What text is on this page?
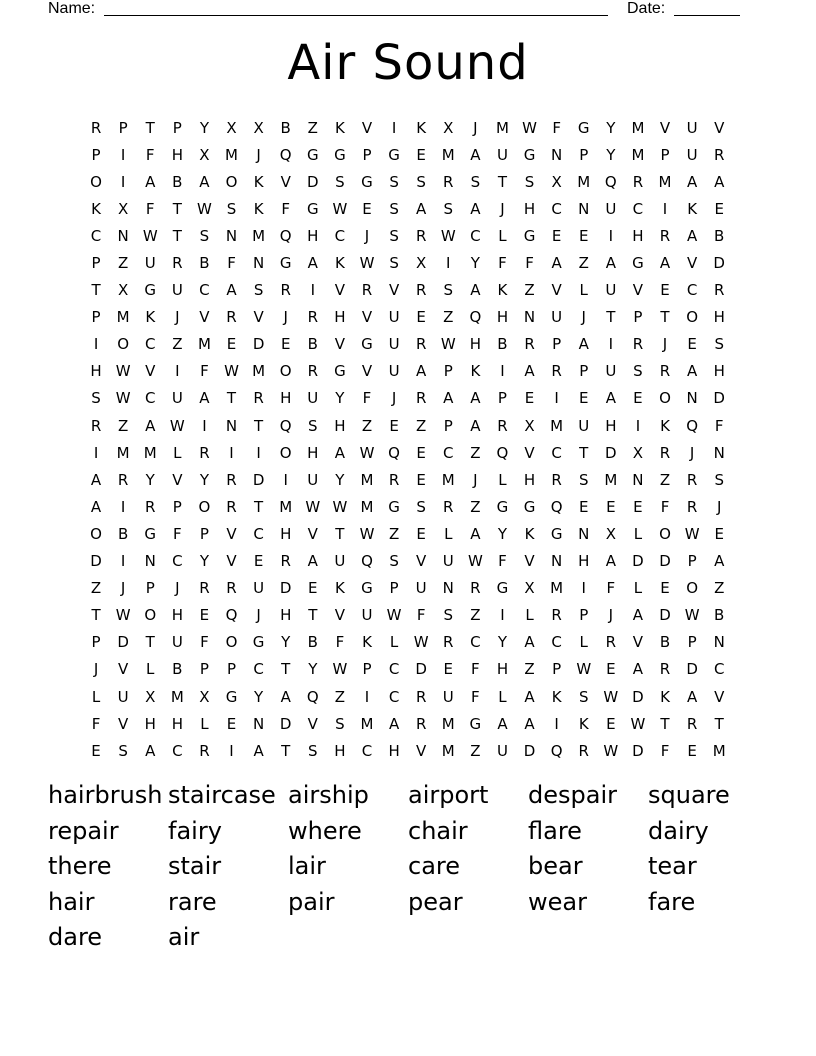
Name:	Date:
Air Sound
R	P	T	P	Y	X	X	B	Z	K	V	I	K	X	J	M W	F	G	Y	M	V	U	V
P	I	F	H	X	M	J	Q	G	G	P	G	E	M	A	U	G	N	P	Y	M	P	U	R
O	I	A	B	A	O	K	V	D	S	G	S	S	R	S	T	S	X	M Q	R	M	A	A
K	X	F	T	W S	K	F	G W E	S	A	S	A	J	H	C	N	U	C	I	K	E
C	N W	T	S	N	M Q	H	C	J	S	R W C	L	G	E	E	I	H	R	A	B
P	Z	U	R	B	F	N	G	A	K W S	X	I	Y	F	F	A	Z	A	G	A	V	D
T	X	G	U	C	A	S	R	I	V	R	V	R	S	A	K	Z	V	L	U	V	E	C	R
P	M	K	J	V	R	V	J	R	H	V	U	E	Z	Q	H	N	U	J	T	P	T	O	H
I	O	C	Z	M	E	D	E	B	V	G	U	R W H	B	R	P	A	I	R	J	E	S
H W V	I	F	W M O	R	G	V	U	A	P	K	I	A	R	P	U	S	R	A	H
S W C	U	A	T	R	H	U	Y	F	J	R	A	A	P	E	I	E	A	E	O	N	D
R	Z	A W	I	N	T	Q	S	H	Z	E	Z	P	A	R	X	M	U	H	I	K	Q	F
I	M M	L	R	I	I	O	H	A W Q	E	C	Z	Q	V	C	T	D	X	R	J	N
A	R	Y	V	Y	R	D	I	U	Y	M	R	E	M	J	L	H	R	S	M	N	Z	R	S
A	I	R	P	O	R	T	M W W M G	S	R	Z	G	G	Q	E	E	E	F	R	J
O	B	G	F	P	V	C	H	V	T	W Z	E	L	A	Y	K	G	N	X	L	O W E
D	I	N	C	Y	V	E	R	A	U	Q	S	V	U W	F	V	N	H	A	D	D	P	A
Z	J	P	J	R	R	U	D	E	K	G	P	U	N	R	G	X	M	I	F	L	E	O	Z
T	W O	H	E	Q	J	H	T	V	U W	F	S	Z	I	L	R	P	J	A	D W B
P	D	T	U	F	O	G	Y	B	F	K	L	W R	C	Y	A	C	L	R	V	B	P	N
J	V	L	B	P	P	C	T	Y	W	P	C	D	E	F	H	Z	P	W E	A	R	D	C
L	U	X	M	X	G	Y	A	Q	Z	I	C	R	U	F	L	A	K	S W D	K	A	V
F	V	H	H	L	E	N	D	V	S	M	A	R	M G	A	A	I	K	E W	T	R	T
E	S	A	C	R	I	A	T	S	H	C	H	V	M	Z	U	D	Q	R W D	F	E	M
hairbrush staircase airship	airport	despair	square
repair	fairy	where	chair	flare	dairy
there	stair	lair	care	bear	tear
hair	rare	pair	pear	wear	fare
dare	air
